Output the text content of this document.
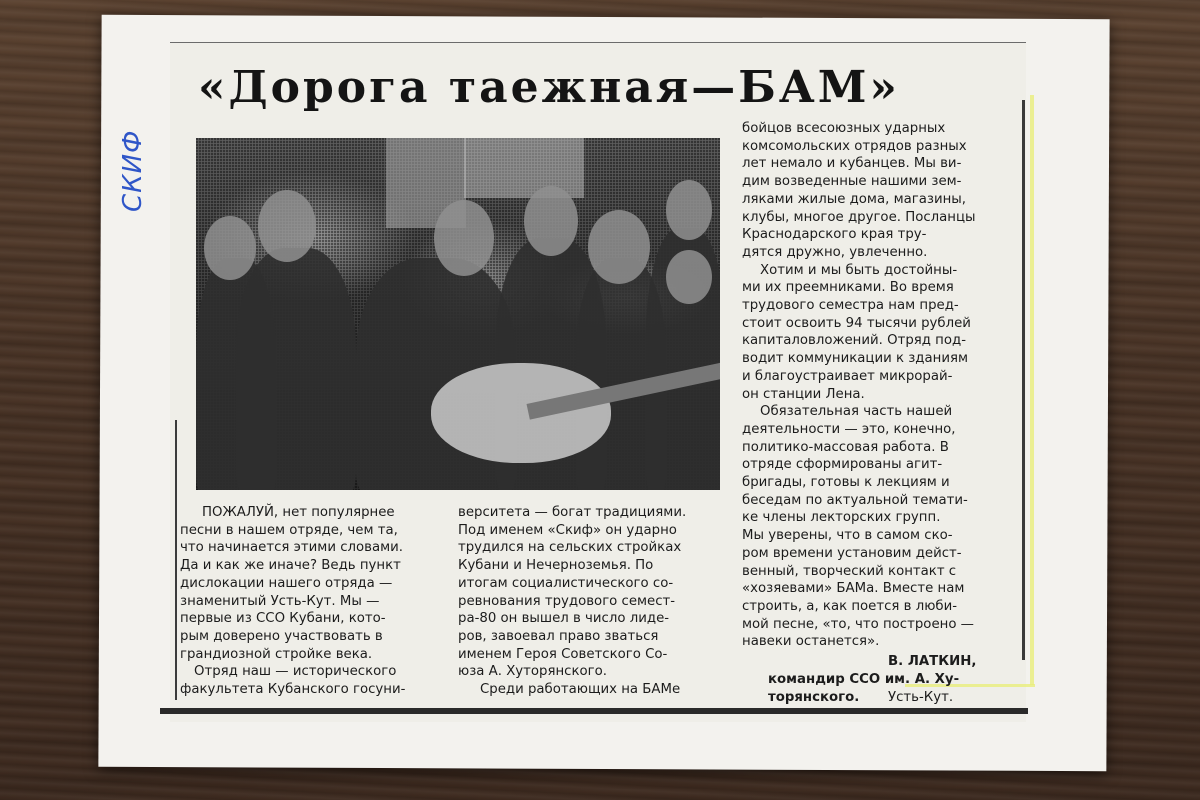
СКИФ
«Дорога таежная—БАМ»

ПОЖАЛУЙ, нет популярнее

песни в нашем отряде, чем та,

что начинается этими словами.

Да и как же иначе? Ведь пункт

дислокации нашего отряда —

знаменитый Усть-Кут. Мы —

первые из ССО Кубани, кото-

рым доверено участвовать в

грандиозной стройке века.

Отряд наш — исторического

факультета Кубанского госуни-

верситета — богат традициями.

Под именем «Скиф» он ударно

трудился на сельских стройках

Кубани и Нечерноземья. По

итогам социалистического со-

ревнования трудового семест-

ра-80 он вышел в число лиде-

ров, завоевал право зваться

именем Героя Советского Со-

юза А. Хуторянского.

Среди работающих на БАМе

бойцов всесоюзных ударных

комсомольских отрядов разных

лет немало и кубанцев. Мы ви-

дим возведенные нашими зем-

ляками жилые дома, магазины,

клубы, многое другое. Посланцы

Краснодарского края тру-

дятся дружно, увлеченно.

Хотим и мы быть достойны-

ми их преемниками. Во время

трудового семестра нам пред-

стоит освоить 94 тысячи рублей

капиталовложений. Отряд под-

водит коммуникации к зданиям

и благоустраивает микрорай-

он станции Лена.

Обязательная часть нашей

деятельности — это, конечно,

политико-массовая работа. В

отряде сформированы агит-

бригады, готовы к лекциям и

беседам по актуальной темати-

ке члены лекторских групп.

Мы уверены, что в самом ско-

ром времени установим дейст-

венный, творческий контакт с

«хозяевами» БАМа. Вместе нам

строить, а, как поется в люби-

мой песне, «то, что построено —

навеки останется».

В. ЛАТКИН,
командир ССО им. А. Ху-
торянского. Усть-Кут.
